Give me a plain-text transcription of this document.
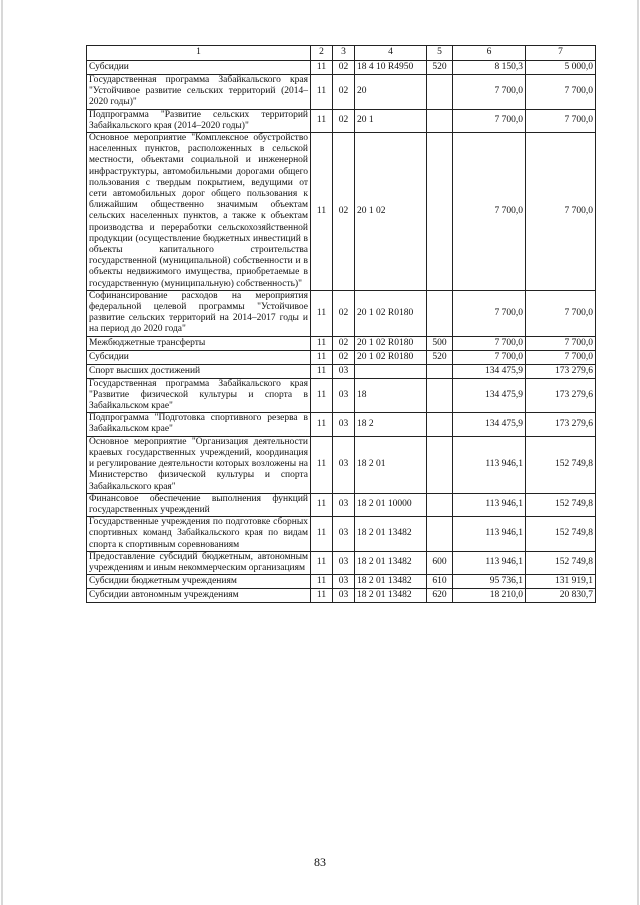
1	2	3	4	5	6	7
Субсидии	11	02	18 4 10 R4950	520	8 150,3	5 000,0
Государственная программа Забайкальского края "Устойчивое развитие сельских территорий (2014–2020 годы)"	11	02	20		7 700,0	7 700,0
Подпрограмма "Развитие сельских территорий Забайкальского края (2014–2020 годы)"	11	02	20 1		7 700,0	7 700,0
Основное мероприятие "Комплексное обустройство населенных пунктов, расположенных в сельской местности, объектами социальной и инженерной инфраструктуры, автомобильными дорогами общего пользования с твердым покрытием, ведущими от сети автомобильных дорог общего пользования к ближайшим общественно значимым объектам сельских населенных пунктов, а также к объектам производства и переработки сельскохозяйственной продукции (осуществление бюджетных инвестиций в объекты капитального строительства государственной (муниципальной) собственности и в объекты недвижимого имущества, приобретаемые в государственную (муниципальную) собственность)"	11	02	20 1 02		7 700,0	7 700,0
Софинансирование расходов на мероприятия федеральной целевой программы "Устойчивое развитие сельских территорий на 2014–2017 годы и на период до 2020 года"	11	02	20 1 02 R0180		7 700,0	7 700,0
Межбюджетные трансферты	11	02	20 1 02 R0180	500	7 700,0	7 700,0
Субсидии	11	02	20 1 02 R0180	520	7 700,0	7 700,0
Спорт высших достижений	11	03			134 475,9	173 279,6
Государственная программа Забайкальского края "Развитие физической культуры и спорта в Забайкальском крае"	11	03	18		134 475,9	173 279,6
Подпрограмма "Подготовка спортивного резерва в Забайкальском крае"	11	03	18 2		134 475,9	173 279,6
Основное мероприятие "Организация деятельности краевых государственных учреждений, координация и регулирование деятельности которых возложены на Министерство физической культуры и спорта Забайкальского края"	11	03	18 2 01		113 946,1	152 749,8
Финансовое обеспечение выполнения функций государственных учреждений	11	03	18 2 01 10000		113 946,1	152 749,8
Государственные учреждения по подготовке сборных спортивных команд Забайкальского края по видам спорта к спортивным соревнованиям	11	03	18 2 01 13482		113 946,1	152 749,8
Предоставление субсидий бюджетным, автономным учреждениям и иным некоммерческим организациям	11	03	18 2 01 13482	600	113 946,1	152 749,8
Субсидии бюджетным учреждениям	11	03	18 2 01 13482	610	95 736,1	131 919,1
Субсидии автономным учреждениям	11	03	18 2 01 13482	620	18 210,0	20 830,7
83
